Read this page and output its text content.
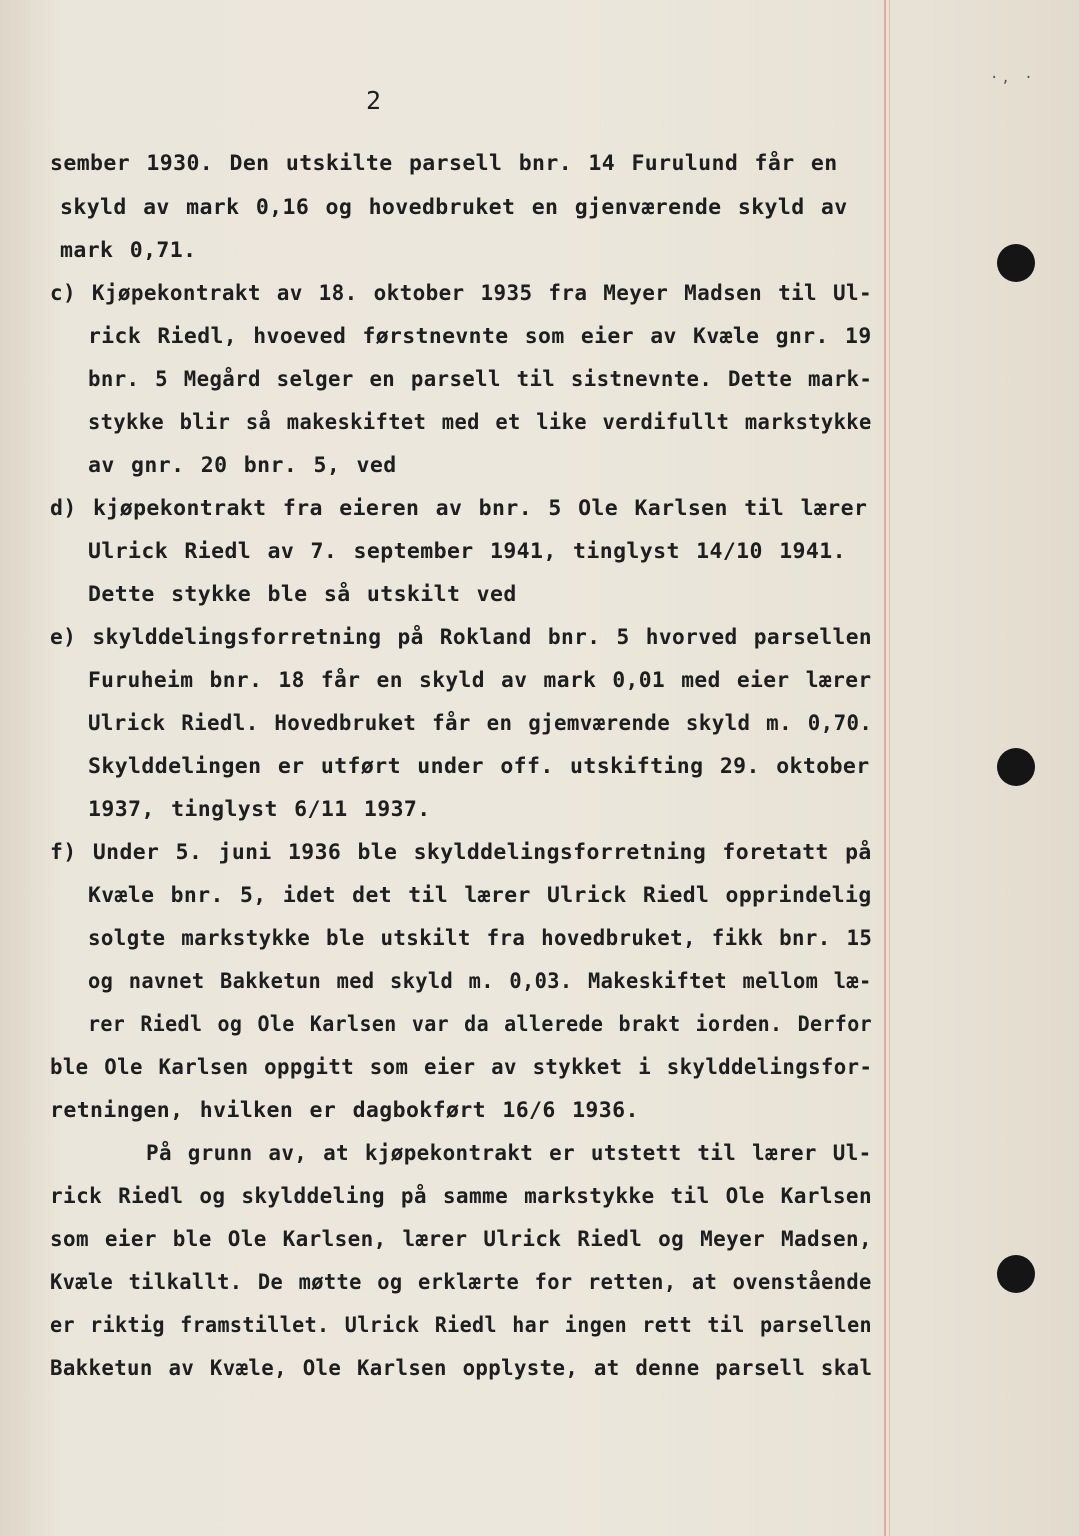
·, ·
2
sember 1930. Den utskilte parsell bnr. 14 Furulund får en
skyld av mark 0,16 og hovedbruket en gjenværende skyld av
mark 0,71.
c) Kjøpekontrakt av 18. oktober 1935 fra Meyer Madsen til Ul-
rick Riedl, hvoeved førstnevnte som eier av Kvæle gnr. 19
bnr. 5 Megård selger en parsell til sistnevnte. Dette mark-
stykke blir så makeskiftet med et like verdifullt markstykke
av gnr. 20 bnr. 5, ved
d) kjøpekontrakt fra eieren av bnr. 5 Ole Karlsen til lærer
Ulrick Riedl av 7. september 1941, tinglyst 14/10 1941.
Dette stykke ble så utskilt ved
e) skylddelingsforretning på Rokland bnr. 5 hvorved parsellen
Furuheim bnr. 18 får en skyld av mark 0,01 med eier lærer
Ulrick Riedl. Hovedbruket får en gjemværende skyld m. 0,70.
Skylddelingen er utført under off. utskifting 29. oktober
1937, tinglyst 6/11 1937.
f) Under 5. juni 1936 ble skylddelingsforretning foretatt på
Kvæle bnr. 5, idet det til lærer Ulrick Riedl opprindelig
solgte markstykke ble utskilt fra hovedbruket, fikk bnr. 15
og navnet Bakketun med skyld m. 0,03. Makeskiftet mellom læ-
rer Riedl og Ole Karlsen var da allerede brakt iorden. Derfor
ble Ole Karlsen oppgitt som eier av stykket i skylddelingsfor-
retningen, hvilken er dagbokført 16/6 1936.
På grunn av, at kjøpekontrakt er utstett til lærer Ul-
rick Riedl og skylddeling på samme markstykke til Ole Karlsen
som eier ble Ole Karlsen, lærer Ulrick Riedl og Meyer Madsen,
Kvæle tilkallt. De møtte og erklærte for retten, at ovenstående
er riktig framstillet. Ulrick Riedl har ingen rett til parsellen
Bakketun av Kvæle, Ole Karlsen opplyste, at denne parsell skal
